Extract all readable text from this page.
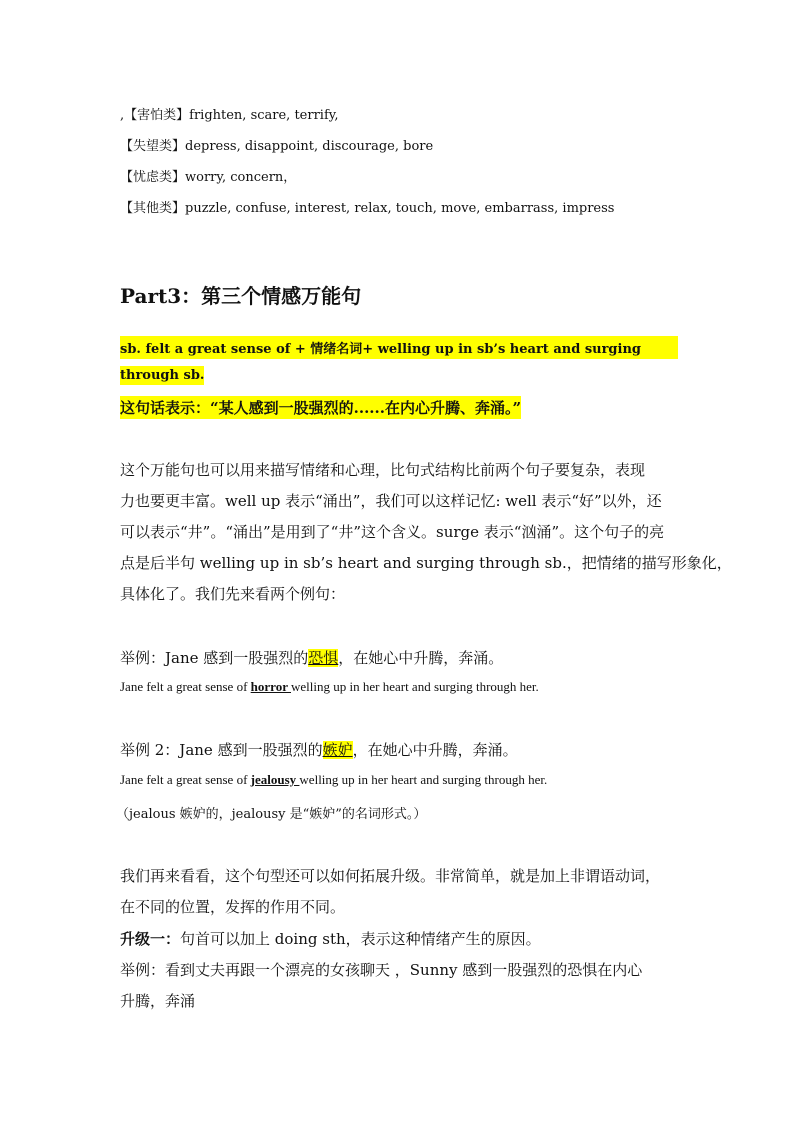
,【害怕类】frighten, scare, terrify,
【失望类】depress, disappoint, discourage, bore
【忧虑类】worry, concern，
【其他类】puzzle, confuse, interest, relax, touch, move, embarrass, impress
Part3：第三个情感万能句
sb. felt a great sense of + 情绪名词+ welling up in sb’s heart and surging
through sb.
这句话表示：“某人感到一股强烈的......在内心升腾、奔涌。”
这个万能句也可以用来描写情绪和心理，比句式结构比前两个句子要复杂，表现
力也要更丰富。well up 表示“涌出”，我们可以这样记忆: well 表示“好”以外，还
可以表示“井”。“涌出”是用到了“井”这个含义。surge 表示“汹涌”。这个句子的亮
点是后半句 welling up in sb’s heart and surging through sb.，把情绪的描写形象化，
具体化了。我们先来看两个例句：
举例：Jane 感到一股强烈的恐惧，在她心中升腾，奔涌。
Jane felt a great sense of horror welling up in her heart and surging through her.
举例 2：Jane 感到一股强烈的嫉妒，在她心中升腾，奔涌。
Jane felt a great sense of jealousy welling up in her heart and surging through her.
（jealous 嫉妒的，jealousy 是“嫉妒”的名词形式。）
我们再来看看，这个句型还可以如何拓展升级。非常简单，就是加上非谓语动词，
在不同的位置，发挥的作用不同。
升级一：句首可以加上 doing sth，表示这种情绪产生的原因。
举例：看到丈夫再跟一个漂亮的女孩聊天 ，Sunny 感到一股强烈的恐惧在内心
升腾，奔涌
